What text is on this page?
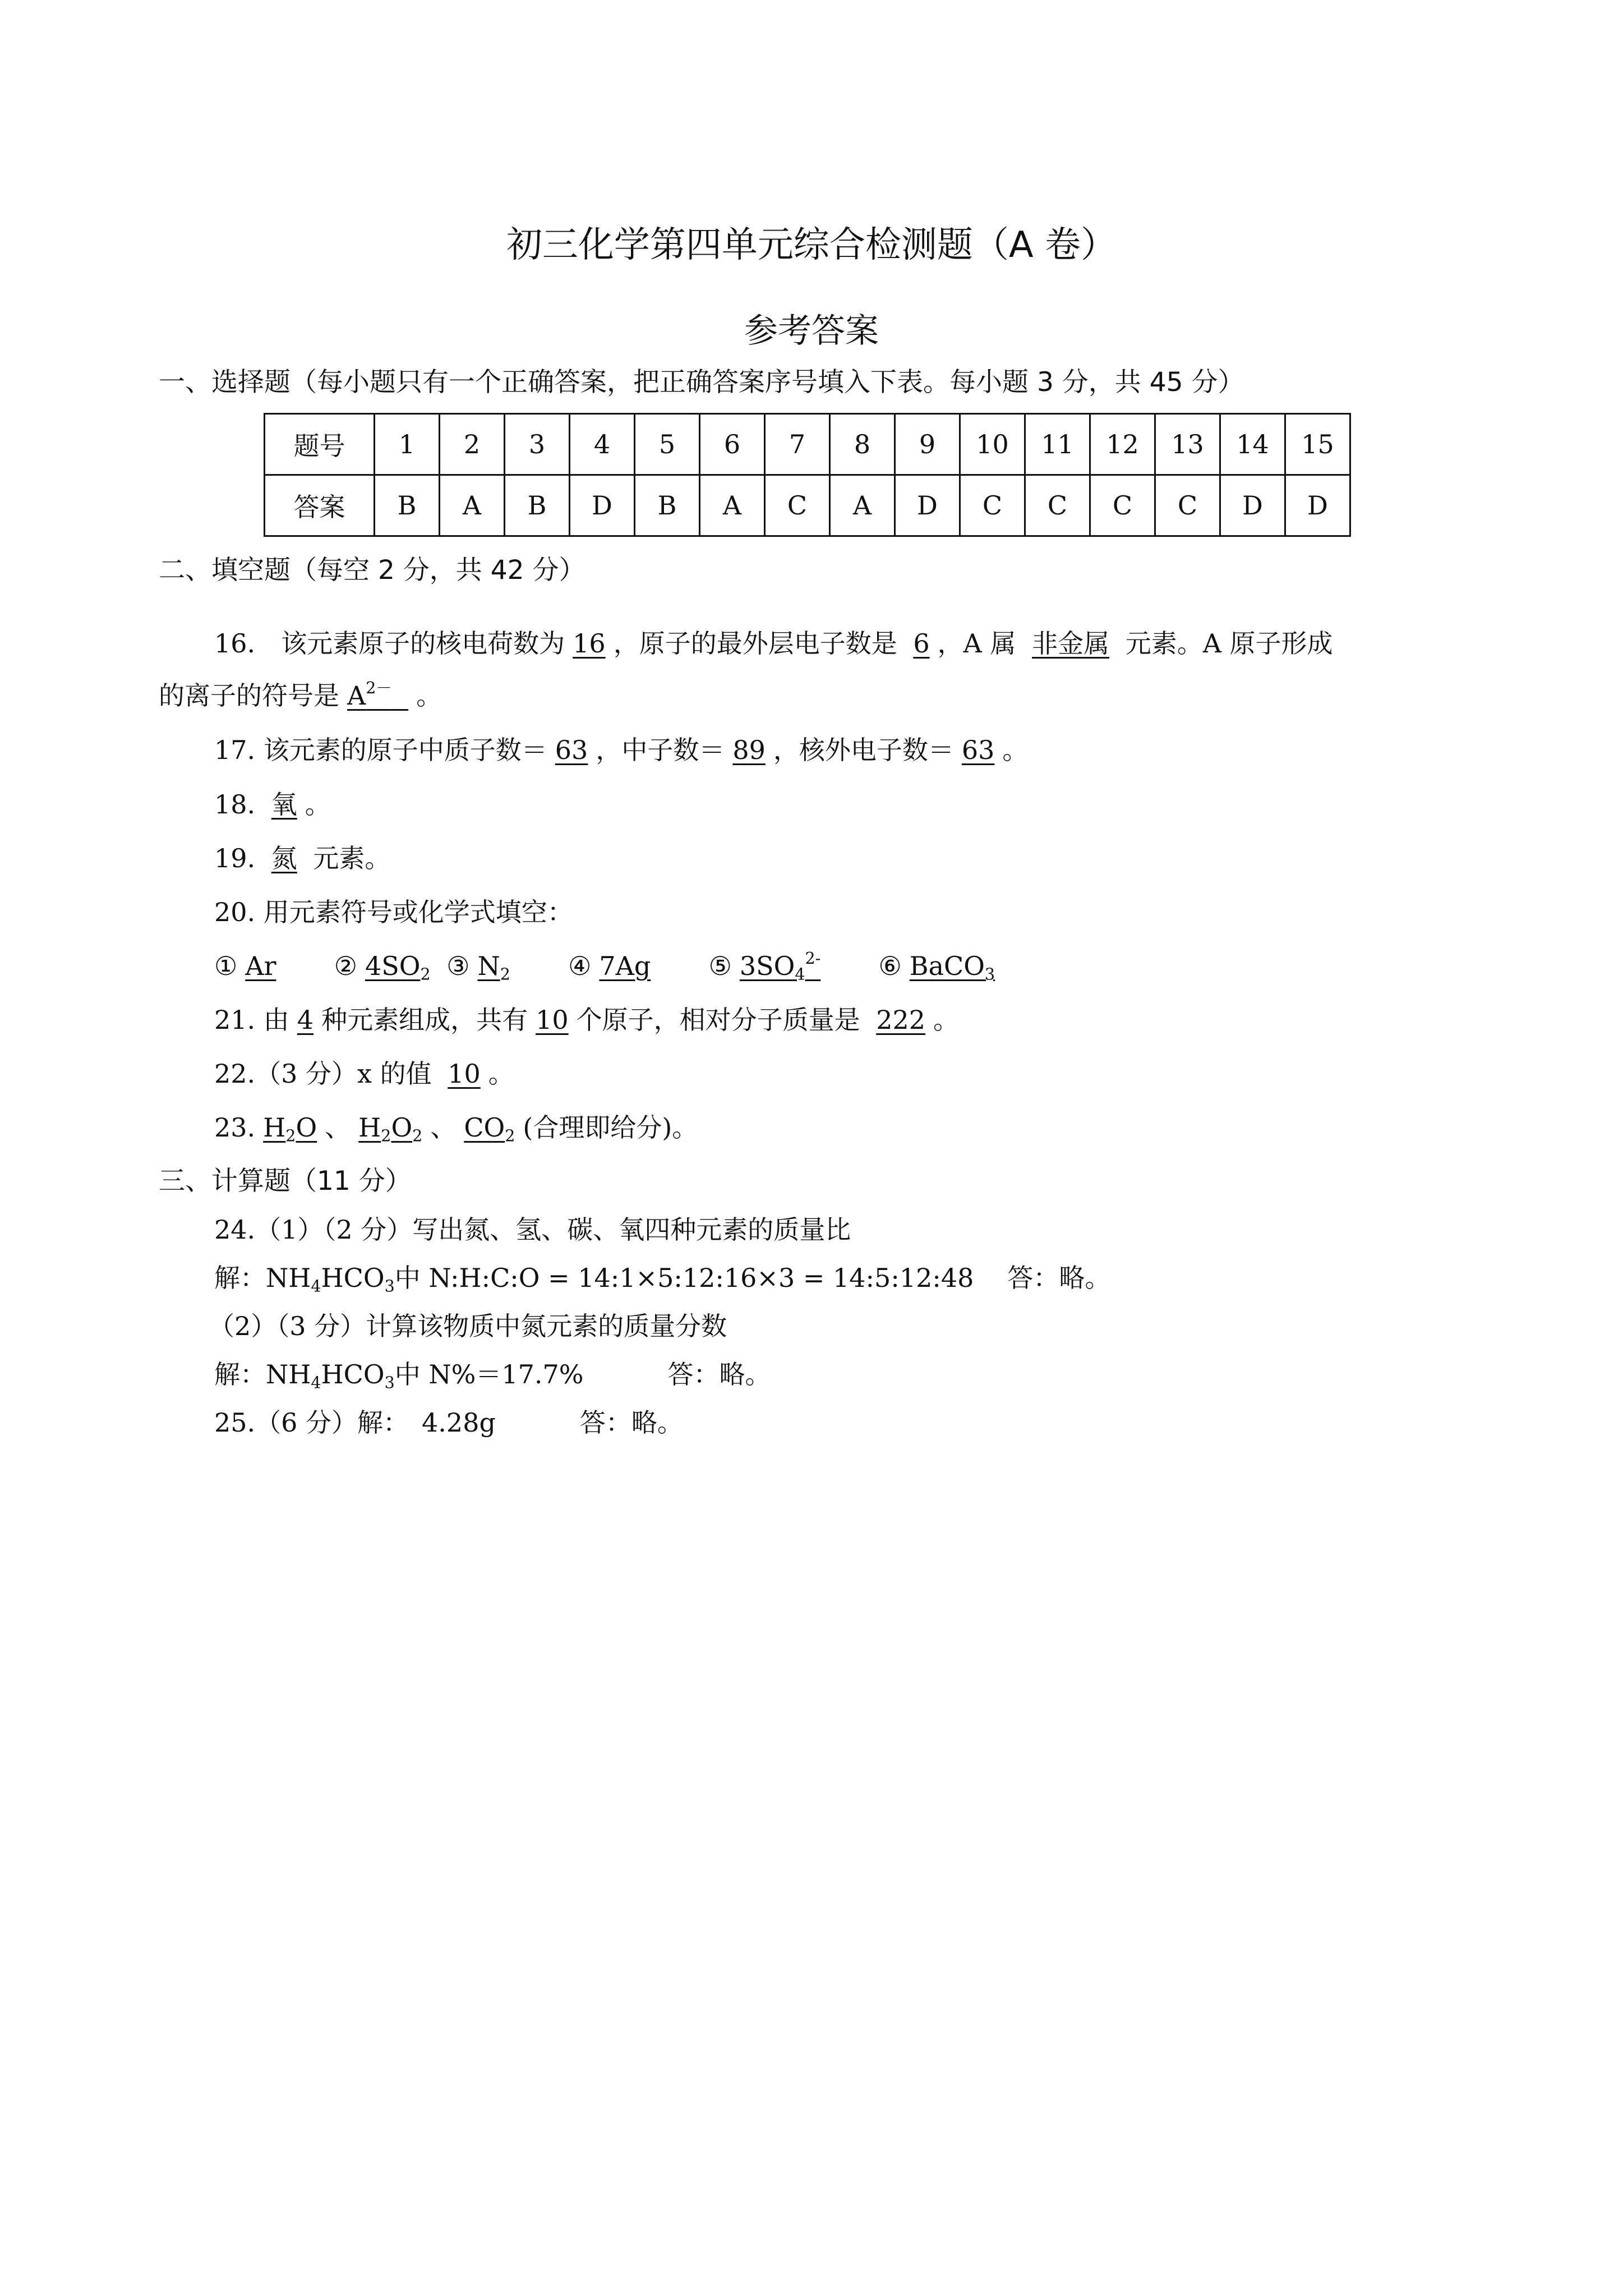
初三化学第四单元综合检测题（A 卷）
参考答案
一、选择题（每小题只有一个正确答案，把正确答案序号填入下表。每小题 3 分，共 45 分）
题号	1	2	3	4	5	6	7	8	9	10	11	12	13	14	15
答案	B	A	B	D	B	A	C	A	D	C	C	C	C	D	D
二、填空题（每空 2 分，共 42 分）
16.　该元素原子的核电荷数为 16 ，原子的最外层电子数是 6 ，A 属 非金属 元素。A 原子形成
的离子的符号是 $A^{2-}$ 。
17. 该元素的原子中质子数＝ 63 ，中子数＝ 89 ，核外电子数＝ 63 。
18. 氧 。
19. 氮 元素。
20. 用元素符号或化学式填空：
① Ar ② $4SO_2$ ③ $N_2$ ④ 7Ag ⑤ $3SO_4^{2-}$ ⑥ BaCO$_3$
21. 由 4 种元素组成，共有 10 个原子，相对分子质量是 222 。
22.（3 分）x 的值 10 。
23. $H_2O$ 、 $H_2O_2$ 、 $CO_2$ (合理即给分)。
三、计算题（11 分）
24.（1）（2 分）写出氮、氢、碳、氧四种元素的质量比
解：$NH_4HCO_3$中 N:H:C:O = 14:1×5:12:16×3 = 14:5:12:48 答：略。
（2）（3 分）计算该物质中氮元素的质量分数
解：$NH_4HCO_3$中 N%＝17.7%	答：略。
25.（6 分）解：　4.28g	答：略。
